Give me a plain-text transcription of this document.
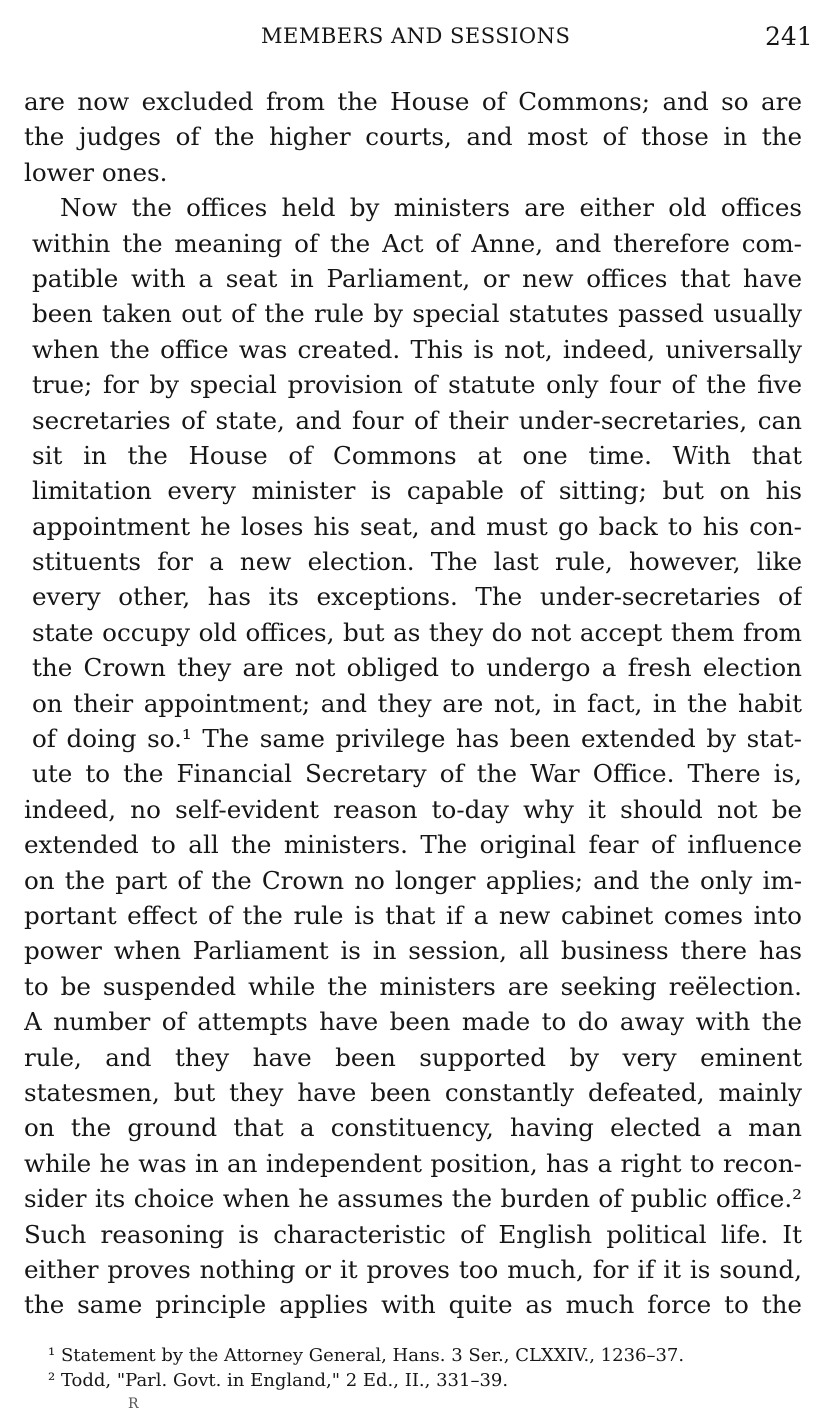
MEMBERS AND SESSIONS	241
are now excluded from the House of Commons; and so are
the judges of the higher courts, and most of those in the
lower ones.
Now the offices held by ministers are either old offices
within the meaning of the Act of Anne, and therefore com-
patible with a seat in Parliament, or new offices that have
been taken out of the rule by special statutes passed usually
when the office was created. This is not, indeed, universally
true; for by special provision of statute only four of the five
secretaries of state, and four of their under-secretaries, can
sit in the House of Commons at one time. With that
limitation every minister is capable of sitting; but on his
appointment he loses his seat, and must go back to his con-
stituents for a new election. The last rule, however, like
every other, has its exceptions. The under-secretaries of
state occupy old offices, but as they do not accept them from
the Crown they are not obliged to undergo a fresh election
on their appointment; and they are not, in fact, in the habit
of doing so.¹ The same privilege has been extended by stat-
ute to the Financial Secretary of the War Office. There is,
indeed, no self-evident reason to-day why it should not be
extended to all the ministers. The original fear of influence
on the part of the Crown no longer applies; and the only im-
portant effect of the rule is that if a new cabinet comes into
power when Parliament is in session, all business there has
to be suspended while the ministers are seeking reëlection.
A number of attempts have been made to do away with the
rule, and they have been supported by very eminent
statesmen, but they have been constantly defeated, mainly
on the ground that a constituency, having elected a man
while he was in an independent position, has a right to recon-
sider its choice when he assumes the burden of public office.²
Such reasoning is characteristic of English political life. It
either proves nothing or it proves too much, for if it is sound,
the same principle applies with quite as much force to the
¹ Statement by the Attorney General, Hans. 3 Ser., CLXXIV., 1236–37.
² Todd, "Parl. Govt. in England," 2 Ed., II., 331–39.
R
